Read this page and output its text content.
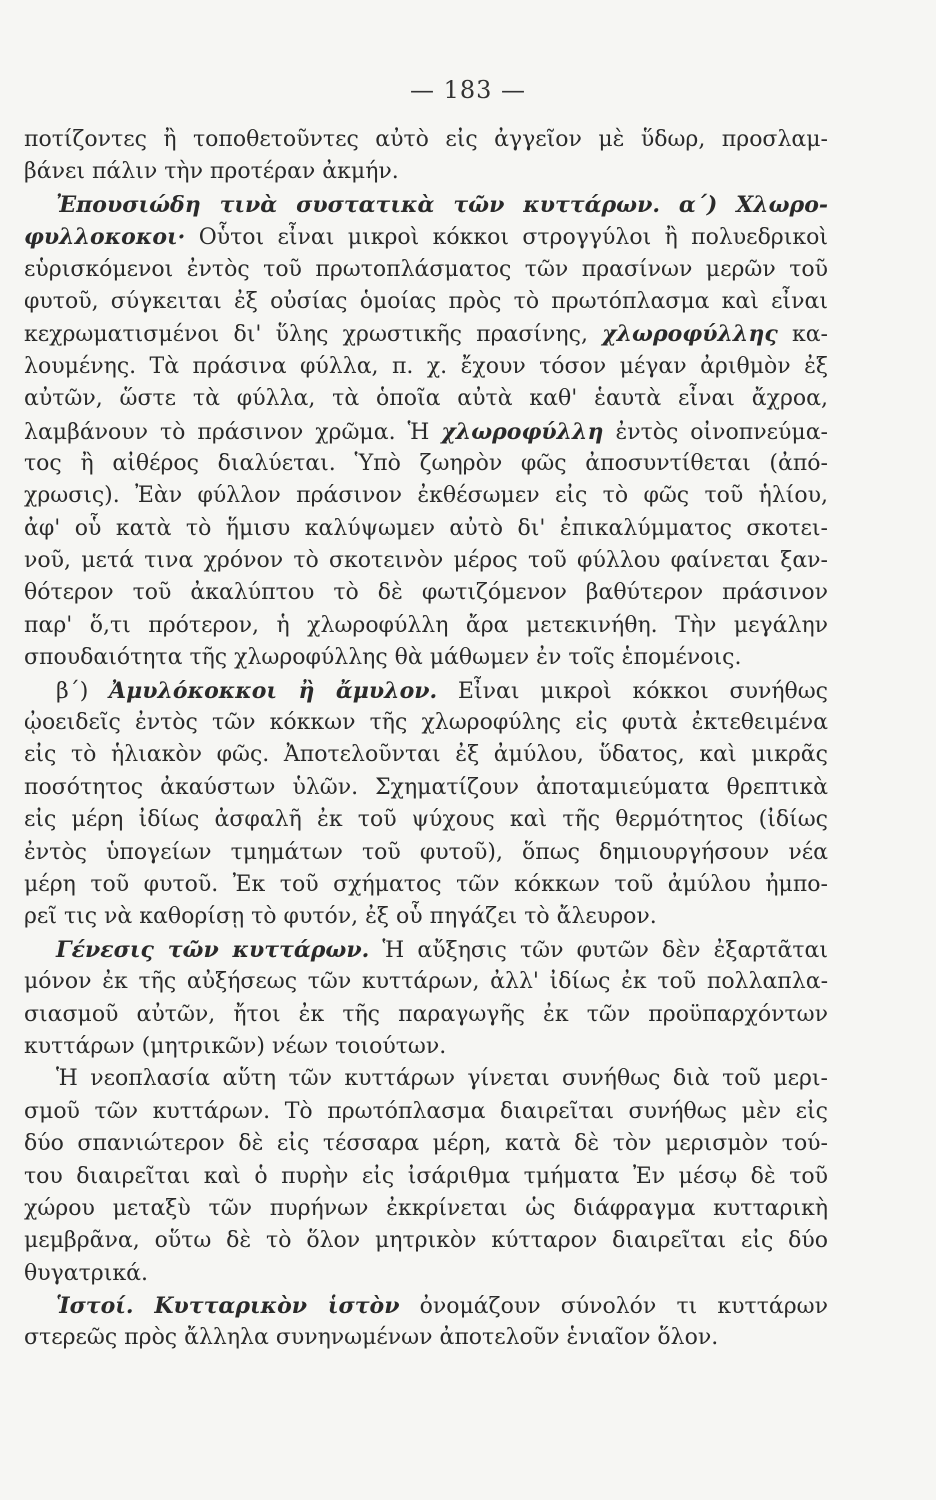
— 183 —
ποτίζοντες ἢ τοποθετοῦντες αὐτὸ εἰς ἀγγεῖον μὲ ὕδωρ, προσλαμ-
βάνει πάλιν τὴν προτέραν ἀκμήν.
Ἐπουσιώδη τινὰ συστατικὰ τῶν κυττάρων. α΄) Χλωρο-
φυλλοκοκοι· Οὗτοι εἶναι μικροὶ κόκκοι στρογγύλοι ἢ πολυεδρικοὶ
εὑρισκόμενοι ἐντὸς τοῦ πρωτοπλάσματος τῶν πρασίνων μερῶν τοῦ
φυτοῦ, σύγκειται ἐξ οὐσίας ὁμοίας πρὸς τὸ πρωτόπλασμα καὶ εἶναι
κεχρωματισμένοι δι' ὕλης χρωστικῆς πρασίνης, χλωροφύλλης κα-
λουμένης. Τὰ πράσινα φύλλα, π. χ. ἔχουν τόσον μέγαν ἀριθμὸν ἐξ
αὐτῶν, ὥστε τὰ φύλλα, τὰ ὁποῖα αὐτὰ καθ' ἑαυτὰ εἶναι ἄχροα,
λαμβάνουν τὸ πράσινον χρῶμα. Ἡ χλωροφύλλη ἐντὸς οἰνοπνεύμα-
τος ἢ αἰθέρος διαλύεται. Ὑπὸ ζωηρὸν φῶς ἀποσυντίθεται (ἀπό-
χρωσις). Ἐὰν φύλλον πράσινον ἐκθέσωμεν εἰς τὸ φῶς τοῦ ἡλίου,
ἀφ' οὗ κατὰ τὸ ἥμισυ καλύψωμεν αὐτὸ δι' ἐπικαλύμματος σκοτει-
νοῦ, μετά τινα χρόνον τὸ σκοτεινὸν μέρος τοῦ φύλλου φαίνεται ξαν-
θότερον τοῦ ἀκαλύπτου τὸ δὲ φωτιζόμενον βαθύτερον πράσινον
παρ' ὅ,τι πρότερον, ἡ χλωροφύλλη ἄρα μετεκινήθη. Τὴν μεγάλην
σπουδαιότητα τῆς χλωροφύλλης θὰ μάθωμεν ἐν τοῖς ἑπομένοις.
β΄) Ἀμυλόκοκκοι ἢ ἄμυλον. Εἶναι μικροὶ κόκκοι συνήθως
ᾠοειδεῖς ἐντὸς τῶν κόκκων τῆς χλωροφύλης εἰς φυτὰ ἐκτεθειμένα
εἰς τὸ ἡλιακὸν φῶς. Ἀποτελοῦνται ἐξ ἀμύλου, ὕδατος, καὶ μικρᾶς
ποσότητος ἀκαύστων ὑλῶν. Σχηματίζουν ἀποταμιεύματα θρεπτικὰ
εἰς μέρη ἰδίως ἀσφαλῆ ἐκ τοῦ ψύχους καὶ τῆς θερμότητος (ἰδίως
ἐντὸς ὑπογείων τμημάτων τοῦ φυτοῦ), ὅπως δημιουργήσουν νέα
μέρη τοῦ φυτοῦ. Ἐκ τοῦ σχήματος τῶν κόκκων τοῦ ἀμύλου ἠμπο-
ρεῖ τις νὰ καθορίσῃ τὸ φυτόν, ἐξ οὗ πηγάζει τὸ ἄλευρον.
Γένεσις τῶν κυττάρων. Ἡ αὔξησις τῶν φυτῶν δὲν ἐξαρτᾶται
μόνον ἐκ τῆς αὐξήσεως τῶν κυττάρων, ἀλλ' ἰδίως ἐκ τοῦ πολλαπλα-
σιασμοῦ αὐτῶν, ἤτοι ἐκ τῆς παραγωγῆς ἐκ τῶν προϋπαρχόντων
κυττάρων (μητρικῶν) νέων τοιούτων.
Ἡ νεοπλασία αὕτη τῶν κυττάρων γίνεται συνήθως διὰ τοῦ μερι-
σμοῦ τῶν κυττάρων. Τὸ πρωτόπλασμα διαιρεῖται συνήθως μὲν εἰς
δύο σπανιώτερον δὲ εἰς τέσσαρα μέρη, κατὰ δὲ τὸν μερισμὸν τού-
του διαιρεῖται καὶ ὁ πυρὴν εἰς ἰσάριθμα τμήματα Ἐν μέσῳ δὲ τοῦ
χώρου μεταξὺ τῶν πυρήνων ἐκκρίνεται ὡς διάφραγμα κυτταρικὴ
μεμβρᾶνα, οὕτω δὲ τὸ ὅλον μητρικὸν κύτταρον διαιρεῖται εἰς δύο
θυγατρικά.
Ἱστοί. Κυτταρικὸν ἱστὸν ὀνομάζουν σύνολόν τι κυττάρων
στερεῶς πρὸς ἄλληλα συνηνωμένων ἀποτελοῦν ἑνιαῖον ὅλον.
